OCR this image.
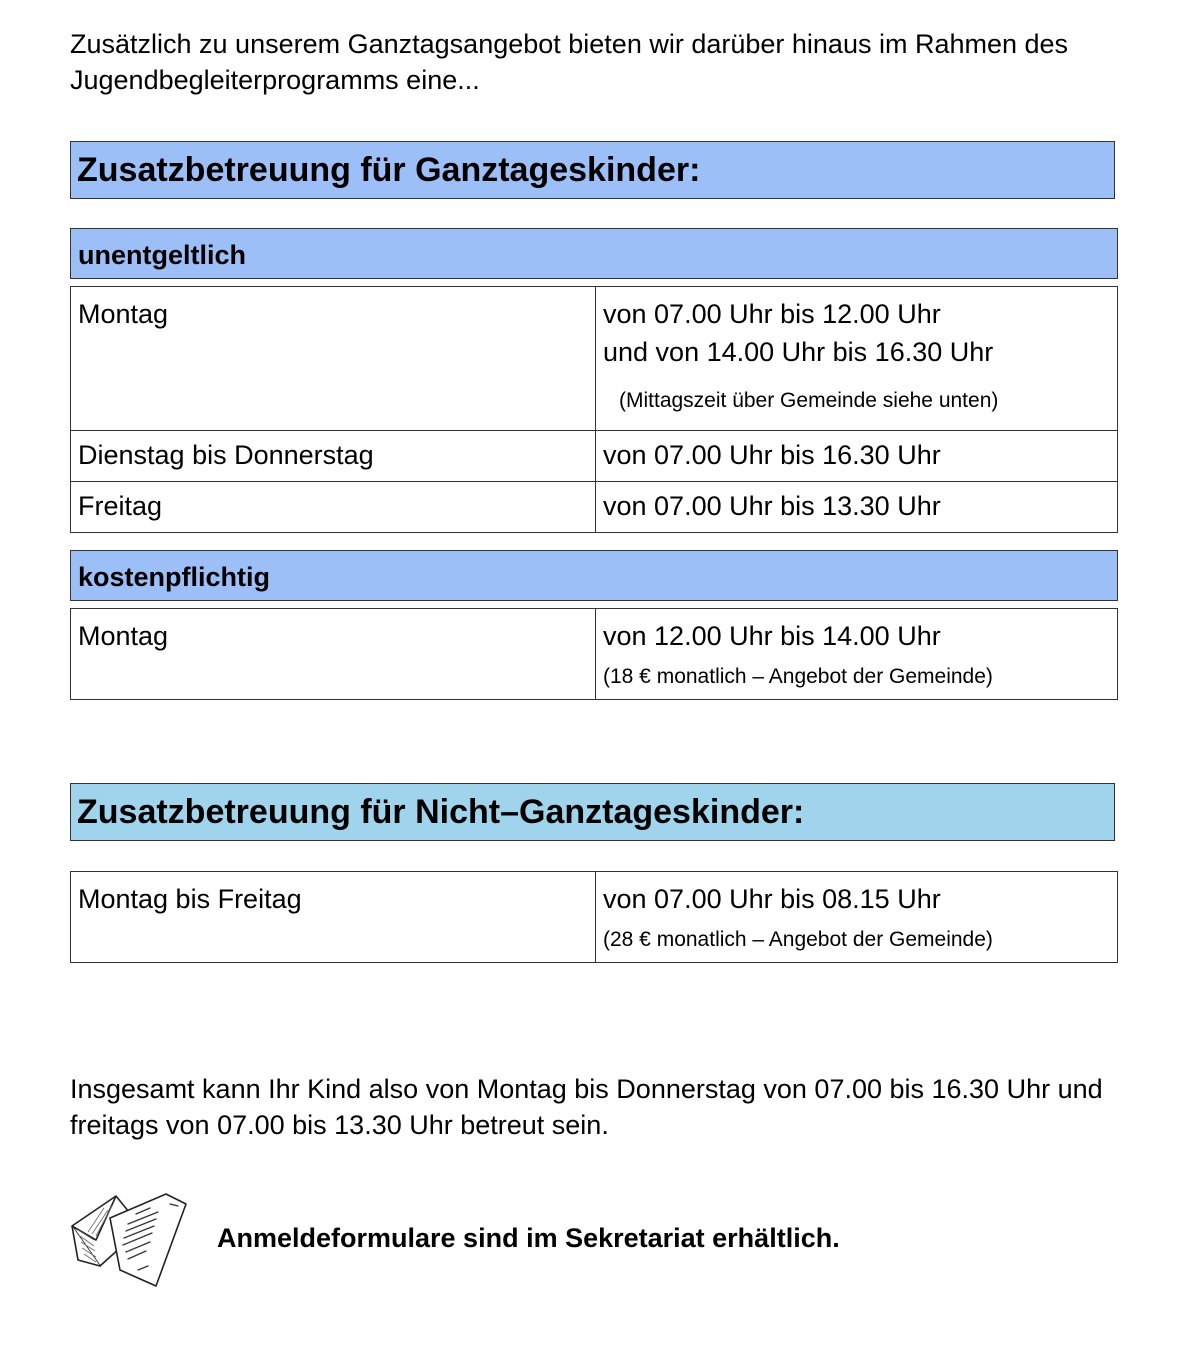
Zusätzlich zu unserem Ganztagsangebot bieten wir darüber hinaus im Rahmen des Jugendbegleiterprogramms eine...

Zusatzbetreuung für Ganztageskinder:
unentgeltlich
Montag	von 07.00 Uhr bis 12.00 Uhr
und von 14.00 Uhr bis 16.30 Uhr
(Mittagszeit über Gemeinde siehe unten)

Dienstag bis Donnerstag	von 07.00 Uhr bis 16.30 Uhr
Freitag	von 07.00 Uhr bis 13.30 Uhr
kostenpflichtig
Montag	von 12.00 Uhr bis 14.00 Uhr
(18 € monatlich – Angebot der Gemeinde)
Zusatzbetreuung für Nicht–Ganztageskinder:
Montag bis Freitag	von 07.00 Uhr bis 08.15 Uhr
(28 € monatlich – Angebot der Gemeinde)

Insgesamt kann Ihr Kind also von Montag bis Donnerstag von 07.00 bis 16.30 Uhr und freitags von 07.00 bis 13.30 Uhr betreut sein.

Anmeldeformulare sind im Sekretariat erhältlich.
